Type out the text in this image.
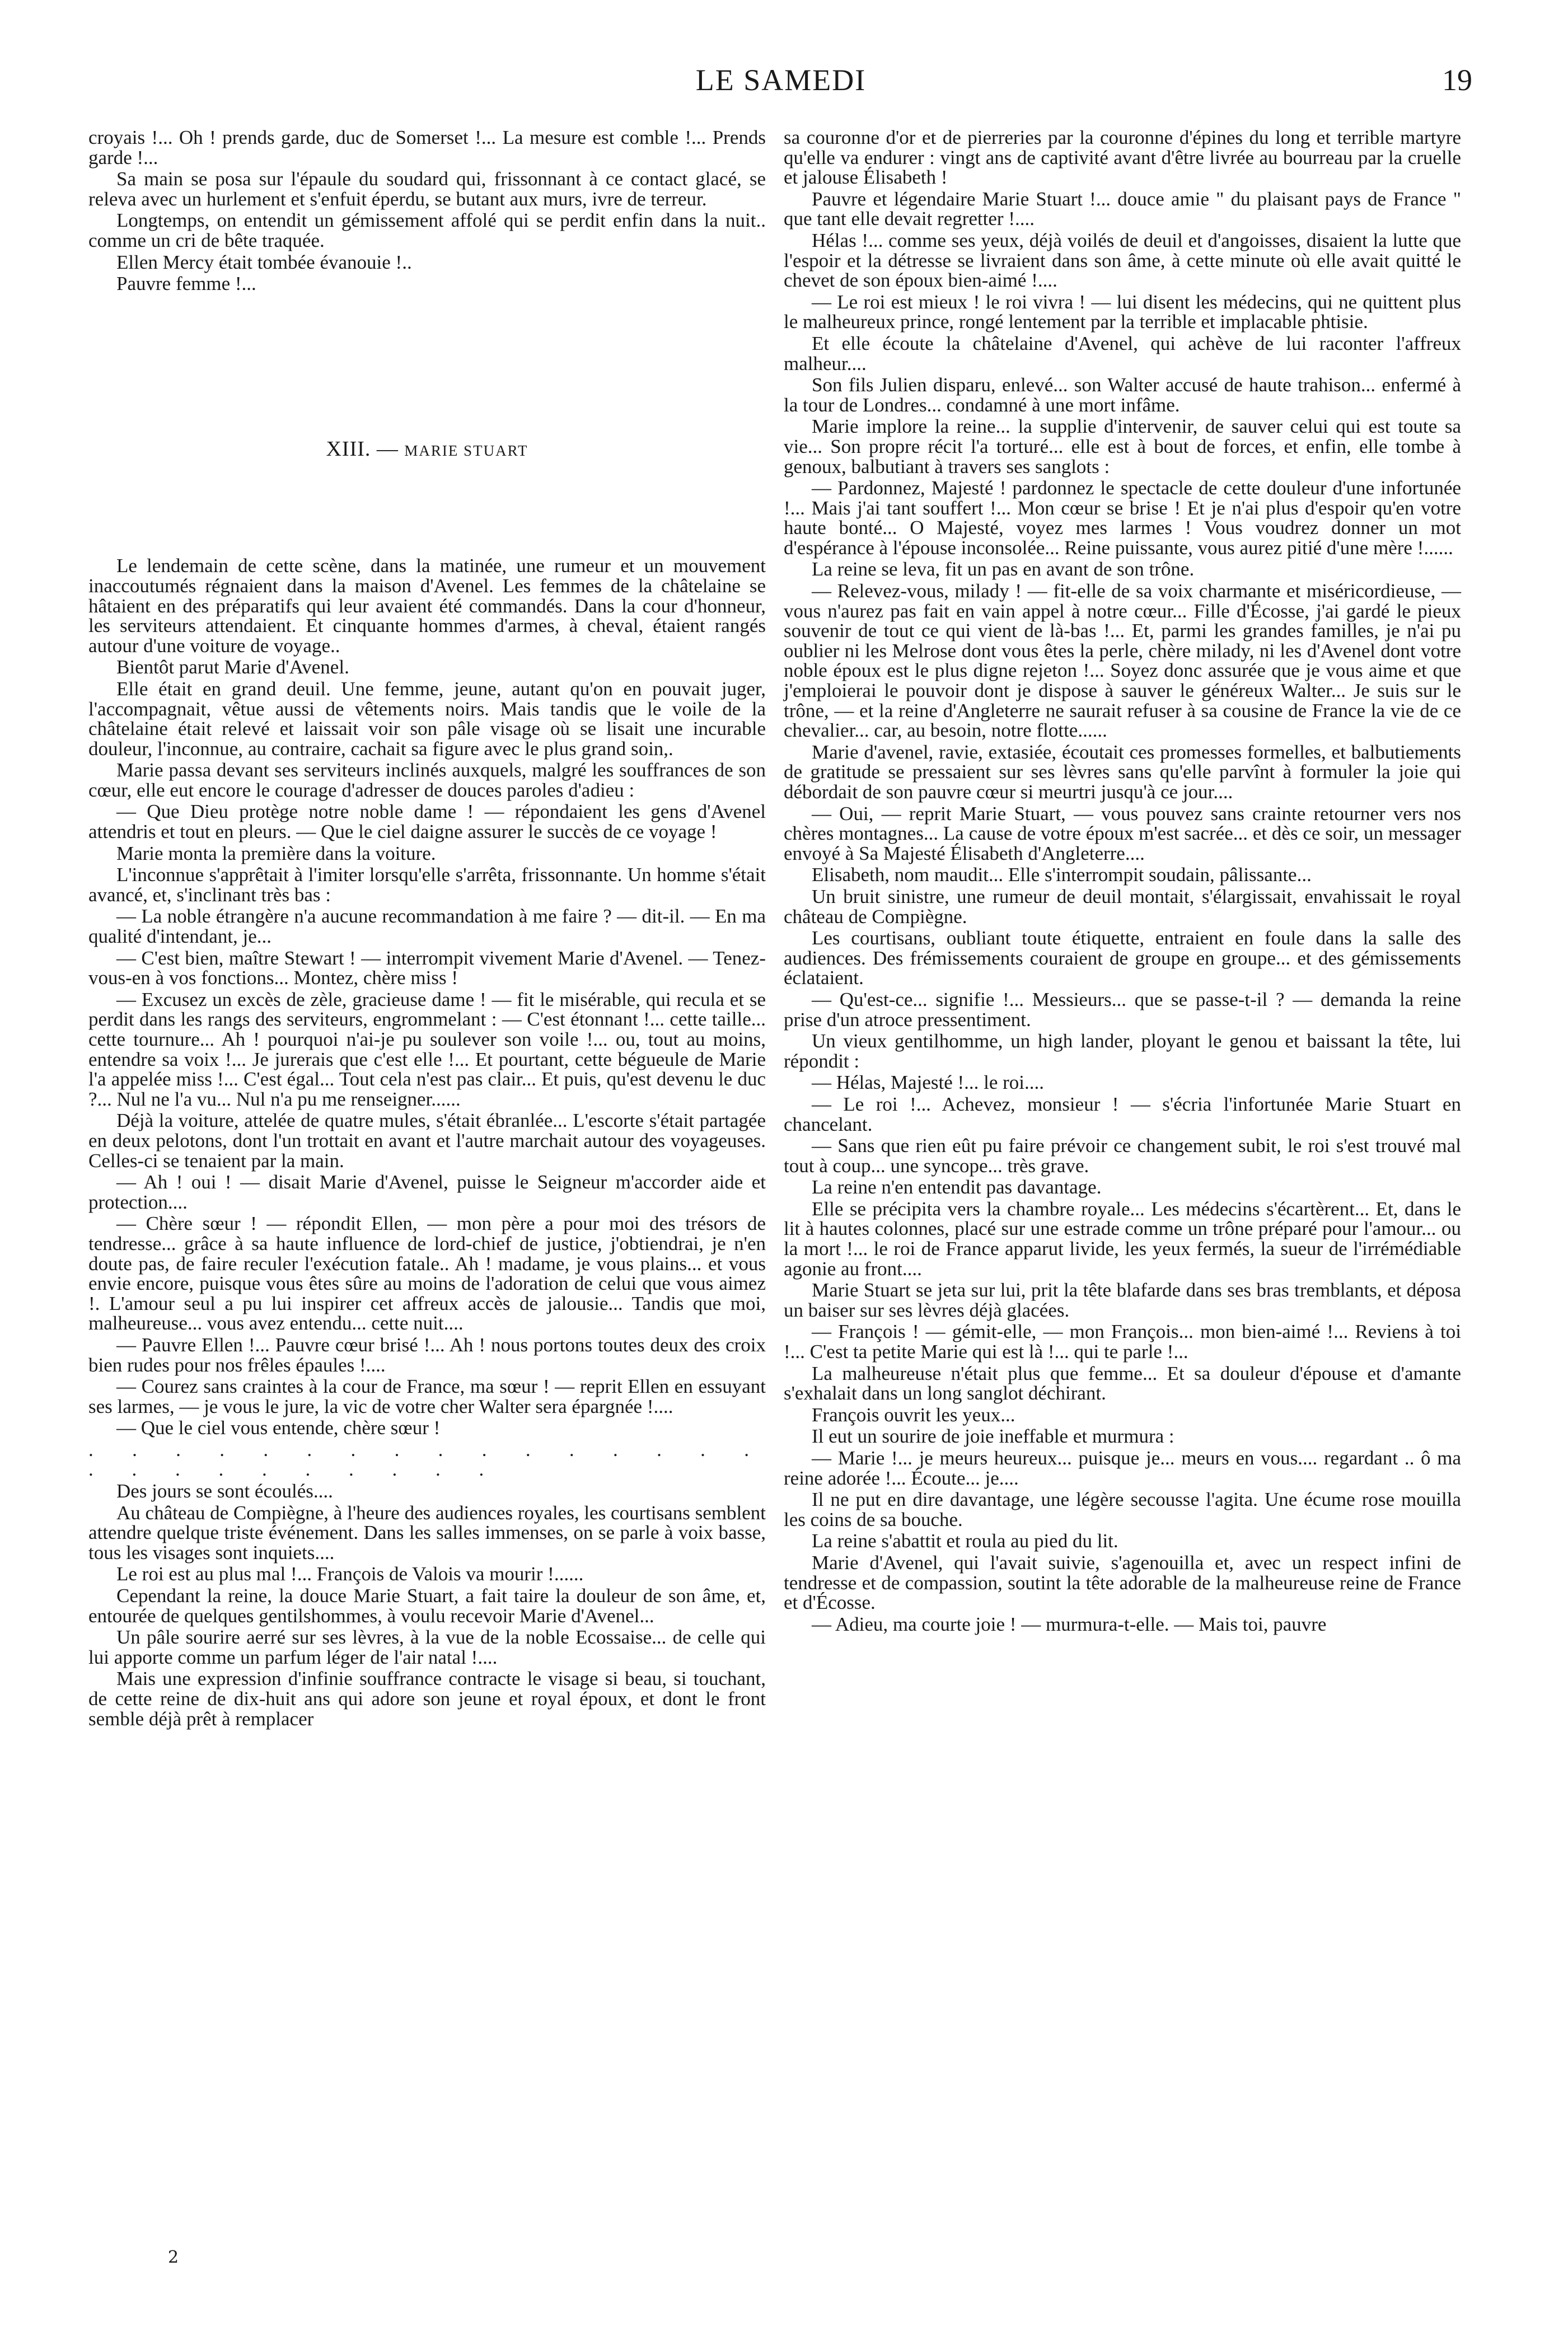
LE SAMEDI	19

croyais !... Oh ! prends garde, duc de Somerset !... La mesure est comble !... Prends garde !...

Sa main se posa sur l'épaule du soudard qui, frissonnant à ce contact glacé, se releva avec un hurlement et s'enfuit éperdu, se butant aux murs, ivre de terreur.

Longtemps, on entendit un gémissement affolé qui se perdit enfin dans la nuit.. comme un cri de bête traquée.

Ellen Mercy était tombée évanouie !..

Pauvre femme !...

XIII. — MARIE STUART

Le lendemain de cette scène, dans la matinée, une rumeur et un mouvement inaccoutumés régnaient dans la maison d'Avenel. Les femmes de la châtelaine se hâtaient en des préparatifs qui leur avaient été commandés. Dans la cour d'honneur, les serviteurs attendaient. Et cinquante hommes d'armes, à cheval, étaient rangés autour d'une voiture de voyage..

Bientôt parut Marie d'Avenel.

Elle était en grand deuil. Une femme, jeune, autant qu'on en pouvait juger, l'accompagnait, vêtue aussi de vêtements noirs. Mais tandis que le voile de la châtelaine était relevé et laissait voir son pâle visage où se lisait une incurable douleur, l'inconnue, au contraire, cachait sa figure avec le plus grand soin,.

Marie passa devant ses serviteurs inclinés auxquels, malgré les souffrances de son cœur, elle eut encore le courage d'adresser de douces paroles d'adieu :

— Que Dieu protège notre noble dame ! — répondaient les gens d'Avenel attendris et tout en pleurs. — Que le ciel daigne assurer le succès de ce voyage !

Marie monta la première dans la voiture.

L'inconnue s'apprêtait à l'imiter lorsqu'elle s'arrêta, frissonnante. Un homme s'était avancé, et, s'inclinant très bas :

— La noble étrangère n'a aucune recommandation à me faire ? — dit-il. — En ma qualité d'intendant, je...

— C'est bien, maître Stewart ! — interrompit vivement Marie d'Avenel. — Tenez-vous-en à vos fonctions... Montez, chère miss !

— Excusez un excès de zèle, gracieuse dame ! — fit le misérable, qui recula et se perdit dans les rangs des serviteurs, engrommelant : — C'est étonnant !... cette taille... cette tournure... Ah ! pourquoi n'ai-je pu soulever son voile !... ou, tout au moins, entendre sa voix !... Je jurerais que c'est elle !... Et pourtant, cette bégueule de Marie l'a appelée miss !... C'est égal... Tout cela n'est pas clair... Et puis, qu'est devenu le duc ?... Nul ne l'a vu... Nul n'a pu me renseigner......

Déjà la voiture, attelée de quatre mules, s'était ébranlée... L'escorte s'était partagée en deux pelotons, dont l'un trottait en avant et l'autre marchait autour des voyageuses. Celles-ci se tenaient par la main.

— Ah ! oui ! — disait Marie d'Avenel, puisse le Seigneur m'accorder aide et protection....

— Chère sœur ! — répondit Ellen, — mon père a pour moi des trésors de tendresse... grâce à sa haute influence de lord-chief de justice, j'obtiendrai, je n'en doute pas, de faire reculer l'exécution fatale.. Ah ! madame, je vous plains... et vous envie encore, puisque vous êtes sûre au moins de l'adoration de celui que vous aimez !. L'amour seul a pu lui inspirer cet affreux accès de jalousie... Tandis que moi, malheureuse... vous avez entendu... cette nuit....

— Pauvre Ellen !... Pauvre cœur brisé !... Ah ! nous portons toutes deux des croix bien rudes pour nos frêles épaules !....

— Courez sans craintes à la cour de France, ma sœur ! — reprit Ellen en essuyant ses larmes, — je vous le jure, la vic de votre cher Walter sera épargnée !....

— Que le ciel vous entende, chère sœur !

. . . . . . . . . . . . . . . . . . . . . . . . . .

Des jours se sont écoulés....

Au château de Compiègne, à l'heure des audiences royales, les courtisans semblent attendre quelque triste événement. Dans les salles immenses, on se parle à voix basse, tous les visages sont inquiets....

Le roi est au plus mal !... François de Valois va mourir !......

Cependant la reine, la douce Marie Stuart, a fait taire la douleur de son âme, et, entourée de quelques gentilshommes, à voulu recevoir Marie d'Avenel...

Un pâle sourire aerré sur ses lèvres, à la vue de la noble Ecossaise... de celle qui lui apporte comme un parfum léger de l'air natal !....

Mais une expression d'infinie souffrance contracte le visage si beau, si touchant, de cette reine de dix-huit ans qui adore son jeune et royal époux, et dont le front semble déjà prêt à remplacer

sa couronne d'or et de pierreries par la couronne d'épines du long et terrible martyre qu'elle va endurer : vingt ans de captivité avant d'être livrée au bourreau par la cruelle et jalouse Élisabeth !

Pauvre et légendaire Marie Stuart !... douce amie " du plaisant pays de France " que tant elle devait regretter !....

Hélas !... comme ses yeux, déjà voilés de deuil et d'angoisses, disaient la lutte que l'espoir et la détresse se livraient dans son âme, à cette minute où elle avait quitté le chevet de son époux bien-aimé !....

— Le roi est mieux ! le roi vivra ! — lui disent les médecins, qui ne quittent plus le malheureux prince, rongé lentement par la terrible et implacable phtisie.

Et elle écoute la châtelaine d'Avenel, qui achève de lui raconter l'affreux malheur....

Son fils Julien disparu, enlevé... son Walter accusé de haute trahison... enfermé à la tour de Londres... condamné à une mort infâme.

Marie implore la reine... la supplie d'intervenir, de sauver celui qui est toute sa vie... Son propre récit l'a torturé... elle est à bout de forces, et enfin, elle tombe à genoux, balbutiant à travers ses sanglots :

— Pardonnez, Majesté ! pardonnez le spectacle de cette douleur d'une infortunée !... Mais j'ai tant souffert !... Mon cœur se brise ! Et je n'ai plus d'espoir qu'en votre haute bonté... O Majesté, voyez mes larmes ! Vous voudrez donner un mot d'espérance à l'épouse inconsolée... Reine puissante, vous aurez pitié d'une mère !......

La reine se leva, fit un pas en avant de son trône.

— Relevez-vous, milady ! — fit-elle de sa voix charmante et miséricordieuse, — vous n'aurez pas fait en vain appel à notre cœur... Fille d'Écosse, j'ai gardé le pieux souvenir de tout ce qui vient de là-bas !... Et, parmi les grandes familles, je n'ai pu oublier ni les Melrose dont vous êtes la perle, chère milady, ni les d'Avenel dont votre noble époux est le plus digne rejeton !... Soyez donc assurée que je vous aime et que j'emploierai le pouvoir dont je dispose à sauver le généreux Walter... Je suis sur le trône, — et la reine d'Angleterre ne saurait refuser à sa cousine de France la vie de ce chevalier... car, au besoin, notre flotte......

Marie d'avenel, ravie, extasiée, écoutait ces promesses formelles, et balbutiements de gratitude se pressaient sur ses lèvres sans qu'elle parvînt à formuler la joie qui débordait de son pauvre cœur si meurtri jusqu'à ce jour....

— Oui, — reprit Marie Stuart, — vous pouvez sans crainte retourner vers nos chères montagnes... La cause de votre époux m'est sacrée... et dès ce soir, un messager envoyé à Sa Majesté Élisabeth d'Angleterre....

Elisabeth, nom maudit... Elle s'interrompit soudain, pâlissante...

Un bruit sinistre, une rumeur de deuil montait, s'élargissait, envahissait le royal château de Compiègne.

Les courtisans, oubliant toute étiquette, entraient en foule dans la salle des audiences. Des frémissements couraient de groupe en groupe... et des gémissements éclataient.

— Qu'est-ce... signifie !... Messieurs... que se passe-t-il ? — demanda la reine prise d'un atroce pressentiment.

Un vieux gentilhomme, un high lander, ployant le genou et baissant la tête, lui répondit :

— Hélas, Majesté !... le roi....

— Le roi !... Achevez, monsieur ! — s'écria l'infortunée Marie Stuart en chancelant.

— Sans que rien eût pu faire prévoir ce changement subit, le roi s'est trouvé mal tout à coup... une syncope... très grave.

La reine n'en entendit pas davantage.

Elle se précipita vers la chambre royale... Les médecins s'écartèrent... Et, dans le lit à hautes colonnes, placé sur une estrade comme un trône préparé pour l'amour... ou la mort !... le roi de France apparut livide, les yeux fermés, la sueur de l'irrémédiable agonie au front....

Marie Stuart se jeta sur lui, prit la tête blafarde dans ses bras tremblants, et déposa un baiser sur ses lèvres déjà glacées.

— François ! — gémit-elle, — mon François... mon bien-aimé !... Reviens à toi !... C'est ta petite Marie qui est là !... qui te parle !...

La malheureuse n'était plus que femme... Et sa douleur d'épouse et d'amante s'exhalait dans un long sanglot déchirant.

François ouvrit les yeux...

Il eut un sourire de joie ineffable et murmura :

— Marie !... je meurs heureux... puisque je... meurs en vous.... regardant .. ô ma reine adorée !... Écoute... je....

Il ne put en dire davantage, une légère secousse l'agita. Une écume rose mouilla les coins de sa bouche.

La reine s'abattit et roula au pied du lit.

Marie d'Avenel, qui l'avait suivie, s'agenouilla et, avec un respect infini de tendresse et de compassion, soutint la tête adorable de la malheureuse reine de France et d'Écosse.

— Adieu, ma courte joie ! — murmura-t-elle. — Mais toi, pauvre

2
